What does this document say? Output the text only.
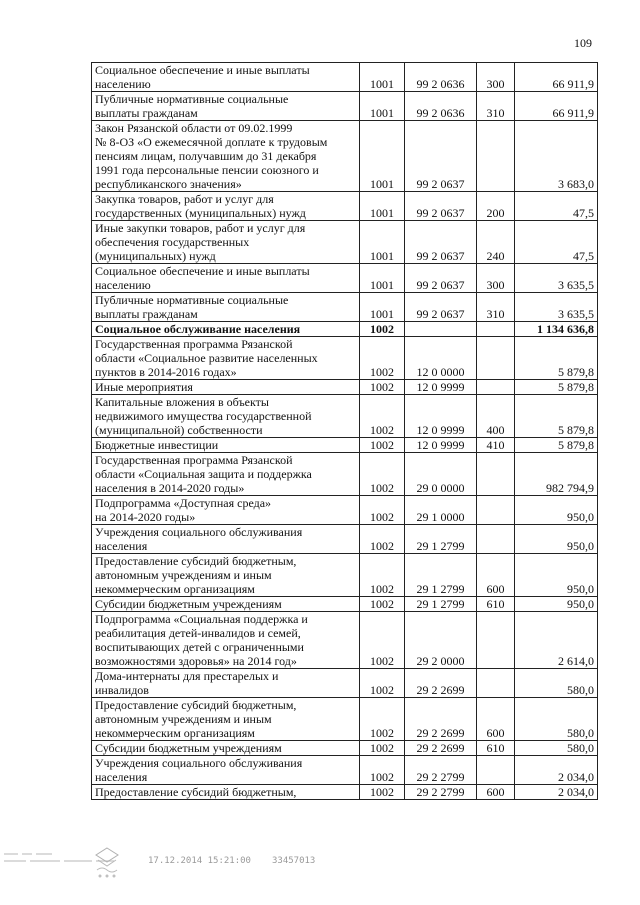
109
Социальное обеспечение и иные выплаты
населению	1001	99 2 0636	300	66 911,9
Публичные нормативные социальные
выплаты гражданам	1001	99 2 0636	310	66 911,9
Закон Рязанской области от 09.02.1999
№ 8-ОЗ «О ежемесячной доплате к трудовым
пенсиям лицам, получавшим до 31 декабря
1991 года персональные пенсии союзного и
республиканского значения»	1001	99 2 0637		3 683,0
Закупка товаров, работ и услуг для
государственных (муниципальных) нужд	1001	99 2 0637	200	47,5
Иные закупки товаров, работ и услуг для
обеспечения государственных
(муниципальных) нужд	1001	99 2 0637	240	47,5
Социальное обеспечение и иные выплаты
населению	1001	99 2 0637	300	3 635,5
Публичные нормативные социальные
выплаты гражданам	1001	99 2 0637	310	3 635,5
Социальное обслуживание населения	1002			1 134 636,8
Государственная программа Рязанской
области «Социальное развитие населенных
пунктов в 2014-2016 годах»	1002	12 0 0000		5 879,8
Иные мероприятия	1002	12 0 9999		5 879,8
Капитальные вложения в объекты
недвижимого имущества государственной
(муниципальной) собственности	1002	12 0 9999	400	5 879,8
Бюджетные инвестиции	1002	12 0 9999	410	5 879,8
Государственная программа Рязанской
области «Социальная защита и поддержка
населения в 2014-2020 годы»	1002	29 0 0000		982 794,9
Подпрограмма «Доступная среда»
на 2014-2020 годы»	1002	29 1 0000		950,0
Учреждения социального обслуживания
населения	1002	29 1 2799		950,0
Предоставление субсидий бюджетным,
автономным учреждениям и иным
некоммерческим организациям	1002	29 1 2799	600	950,0
Субсидии бюджетным учреждениям	1002	29 1 2799	610	950,0
Подпрограмма «Социальная поддержка и
реабилитация детей-инвалидов и семей,
воспитывающих детей с ограниченными
возможностями здоровья» на 2014 год»	1002	29 2 0000		2 614,0
Дома-интернаты для престарелых и
инвалидов	1002	29 2 2699		580,0
Предоставление субсидий бюджетным,
автономным учреждениям и иным
некоммерческим организациям	1002	29 2 2699	600	580,0
Субсидии бюджетным учреждениям	1002	29 2 2699	610	580,0
Учреждения социального обслуживания
населения	1002	29 2 2799		2 034,0
Предоставление субсидий бюджетным,	1002	29 2 2799	600	2 034,0
17.12.2014 15:21:00 33457013
